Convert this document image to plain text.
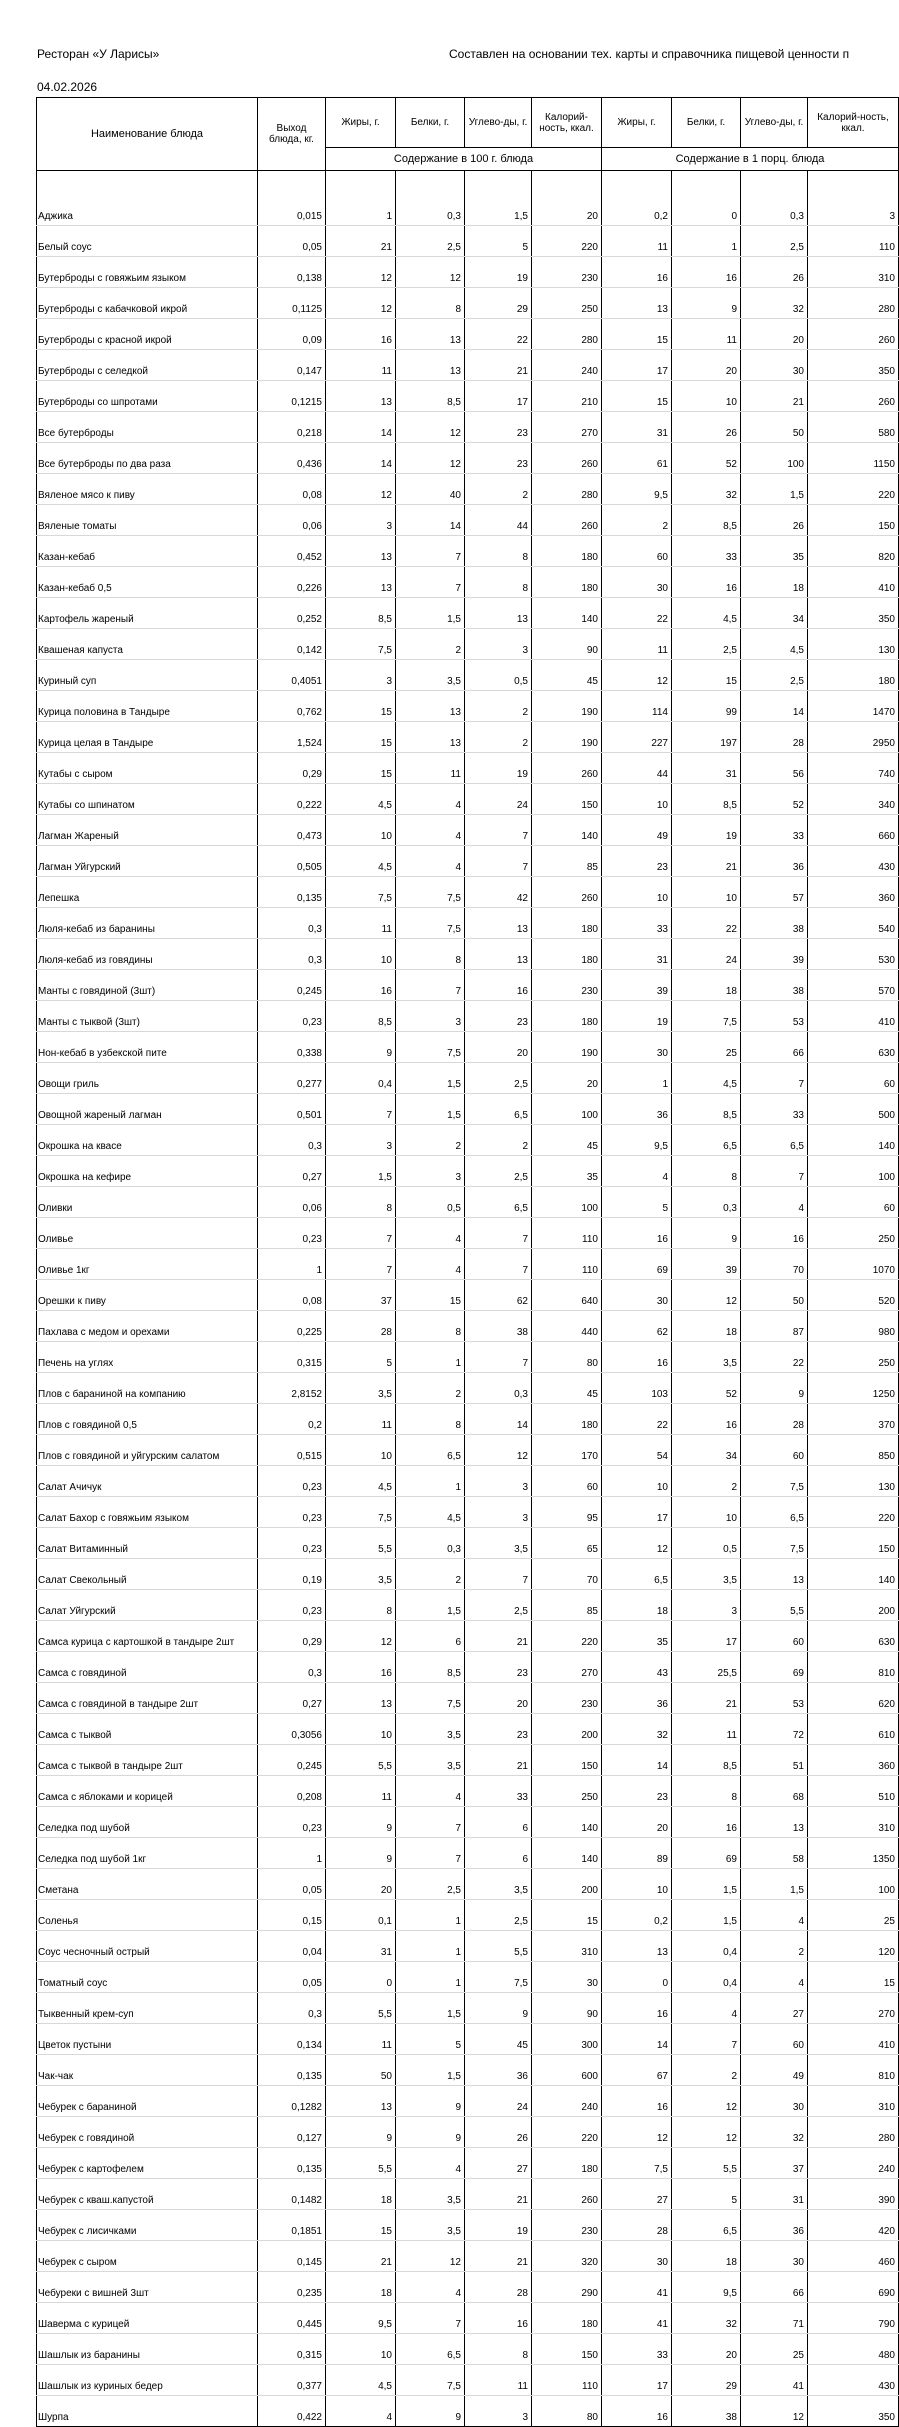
Ресторан «У Ларисы»	Составлен на основании тех. карты и справочника пищевой ценности п
04.02.2026
Наименование блюда	Выход блюда, кг.	Жиры, г.	Белки, г.	Углево-ды, г.	Калорий-ность, ккал.	Жиры, г.	Белки, г.	Углево-ды, г.	Калорий-ность, ккал.
		Содержание в 100 г. блюда				Содержание в 1 порц. блюда			

Аджика	0,015	1	0,3	1,5	20	0,2	0	0,3	3
Белый соус	0,05	21	2,5	5	220	11	1	2,5	110
Бутерброды с говяжьим языком	0,138	12	12	19	230	16	16	26	310
Бутерброды с кабачковой икрой	0,1125	12	8	29	250	13	9	32	280
Бутерброды с красной икрой	0,09	16	13	22	280	15	11	20	260
Бутерброды с селедкой	0,147	11	13	21	240	17	20	30	350
Бутерброды со шпротами	0,1215	13	8,5	17	210	15	10	21	260
Все бутерброды	0,218	14	12	23	270	31	26	50	580
Все бутерброды по два раза	0,436	14	12	23	260	61	52	100	1150
Вяленое мясо к пиву	0,08	12	40	2	280	9,5	32	1,5	220
Вяленые томаты	0,06	3	14	44	260	2	8,5	26	150
Казан-кебаб	0,452	13	7	8	180	60	33	35	820
Казан-кебаб 0,5	0,226	13	7	8	180	30	16	18	410
Картофель жареный	0,252	8,5	1,5	13	140	22	4,5	34	350
Квашеная капуста	0,142	7,5	2	3	90	11	2,5	4,5	130
Куриный суп	0,4051	3	3,5	0,5	45	12	15	2,5	180
Курица половина в Тандыре	0,762	15	13	2	190	114	99	14	1470
Курица целая в Тандыре	1,524	15	13	2	190	227	197	28	2950
Кутабы с сыром	0,29	15	11	19	260	44	31	56	740
Кутабы со шпинатом	0,222	4,5	4	24	150	10	8,5	52	340
Лагман Жареный	0,473	10	4	7	140	49	19	33	660
Лагман Уйгурский	0,505	4,5	4	7	85	23	21	36	430
Лепешка	0,135	7,5	7,5	42	260	10	10	57	360
Люля-кебаб из баранины	0,3	11	7,5	13	180	33	22	38	540
Люля-кебаб из говядины	0,3	10	8	13	180	31	24	39	530
Манты с говядиной (3шт)	0,245	16	7	16	230	39	18	38	570
Манты с тыквой (3шт)	0,23	8,5	3	23	180	19	7,5	53	410
Нон-кебаб в узбекской пите	0,338	9	7,5	20	190	30	25	66	630
Овощи гриль	0,277	0,4	1,5	2,5	20	1	4,5	7	60
Овощной жареный лагман	0,501	7	1,5	6,5	100	36	8,5	33	500
Окрошка на квасе	0,3	3	2	2	45	9,5	6,5	6,5	140
Окрошка на кефире	0,27	1,5	3	2,5	35	4	8	7	100
Оливки	0,06	8	0,5	6,5	100	5	0,3	4	60
Оливье	0,23	7	4	7	110	16	9	16	250
Оливье 1кг	1	7	4	7	110	69	39	70	1070
Орешки к пиву	0,08	37	15	62	640	30	12	50	520
Пахлава с медом и орехами	0,225	28	8	38	440	62	18	87	980
Печень на углях	0,315	5	1	7	80	16	3,5	22	250
Плов с бараниной на компанию	2,8152	3,5	2	0,3	45	103	52	9	1250
Плов с говядиной 0,5	0,2	11	8	14	180	22	16	28	370
Плов с говядиной и уйгурским салатом	0,515	10	6,5	12	170	54	34	60	850
Салат Ачичук	0,23	4,5	1	3	60	10	2	7,5	130
Салат Бахор с говяжьим языком	0,23	7,5	4,5	3	95	17	10	6,5	220
Салат Витаминный	0,23	5,5	0,3	3,5	65	12	0,5	7,5	150
Салат Свекольный	0,19	3,5	2	7	70	6,5	3,5	13	140
Салат Уйгурский	0,23	8	1,5	2,5	85	18	3	5,5	200
Самса курица с картошкой в тандыре 2шт	0,29	12	6	21	220	35	17	60	630
Самса с говядиной	0,3	16	8,5	23	270	43	25,5	69	810
Самса с говядиной в тандыре 2шт	0,27	13	7,5	20	230	36	21	53	620
Самса с тыквой	0,3056	10	3,5	23	200	32	11	72	610
Самса с тыквой в тандыре 2шт	0,245	5,5	3,5	21	150	14	8,5	51	360
Самса с яблоками и корицей	0,208	11	4	33	250	23	8	68	510
Селедка под шубой	0,23	9	7	6	140	20	16	13	310
Селедка под шубой 1кг	1	9	7	6	140	89	69	58	1350
Сметана	0,05	20	2,5	3,5	200	10	1,5	1,5	100
Соленья	0,15	0,1	1	2,5	15	0,2	1,5	4	25
Соус чесночный острый	0,04	31	1	5,5	310	13	0,4	2	120
Томатный соус	0,05	0	1	7,5	30	0	0,4	4	15
Тыквенный крем-суп	0,3	5,5	1,5	9	90	16	4	27	270
Цветок пустыни	0,134	11	5	45	300	14	7	60	410
Чак-чак	0,135	50	1,5	36	600	67	2	49	810
Чебурек с бараниной	0,1282	13	9	24	240	16	12	30	310
Чебурек с говядиной	0,127	9	9	26	220	12	12	32	280
Чебурек с картофелем	0,135	5,5	4	27	180	7,5	5,5	37	240
Чебурек с кваш.капустой	0,1482	18	3,5	21	260	27	5	31	390
Чебурек с лисичками	0,1851	15	3,5	19	230	28	6,5	36	420
Чебурек с сыром	0,145	21	12	21	320	30	18	30	460
Чебуреки с вишней 3шт	0,235	18	4	28	290	41	9,5	66	690
Шаверма с курицей	0,445	9,5	7	16	180	41	32	71	790
Шашлык из баранины	0,315	10	6,5	8	150	33	20	25	480
Шашлык из куриных бедер	0,377	4,5	7,5	11	110	17	29	41	430
Шурпа	0,422	4	9	3	80	16	38	12	350
